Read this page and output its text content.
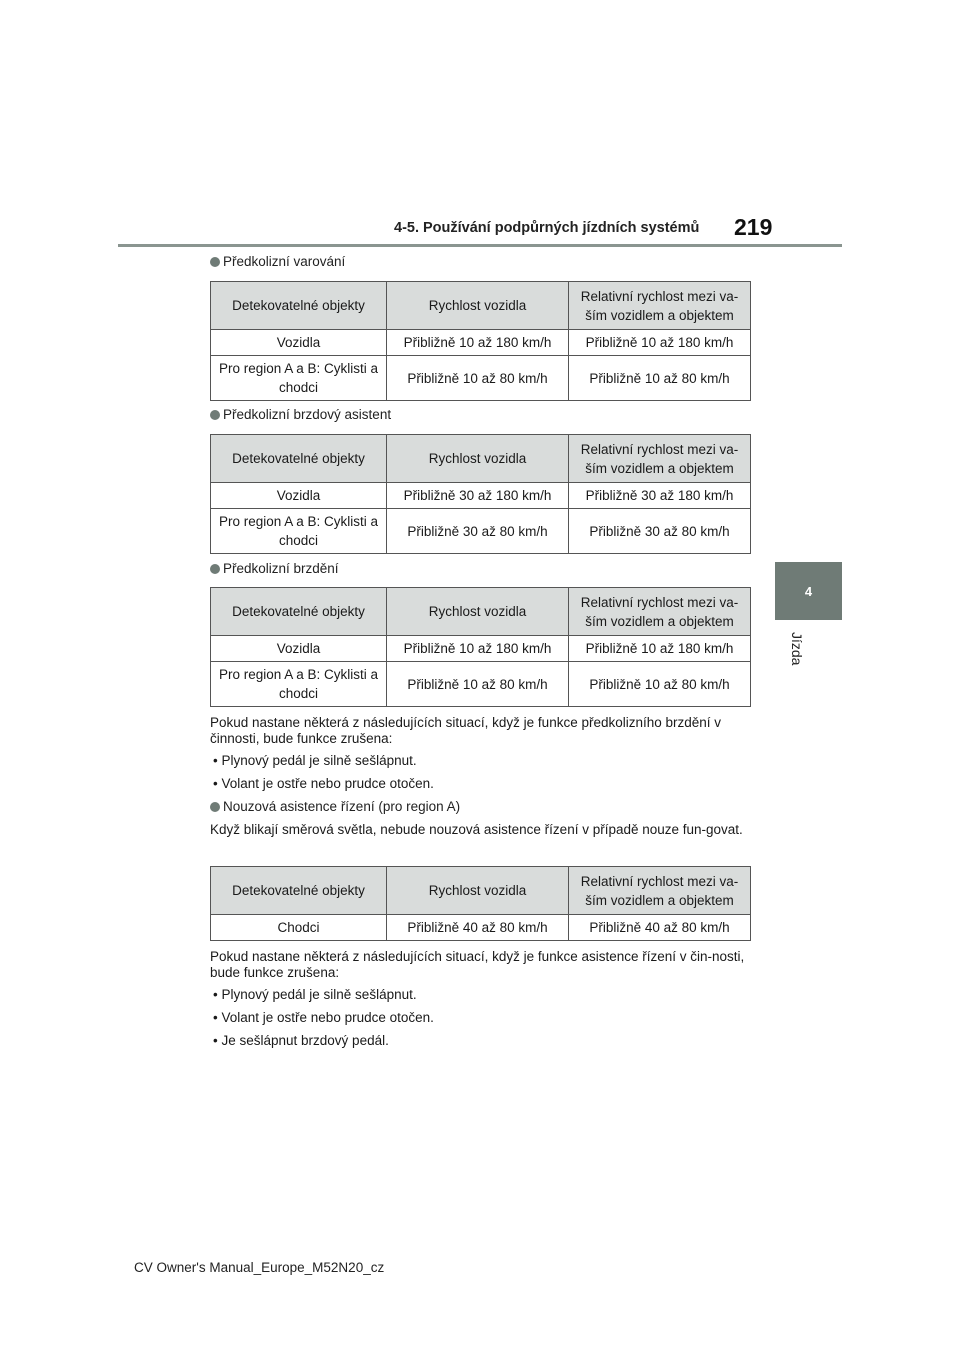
4-5. Používání podpůrných jízdních systémů 219
4
Jízda
Předkolizní varování
Detekovatelné objekty	Rychlost vozidla	Relativní rychlost mezi va-ším vozidlem a objektem
Vozidla	Přibližně 10 až 180 km/h	Přibližně 10 až 180 km/h
Pro region A a B: Cyklisti a chodci	Přibližně 10 až 80 km/h	Přibližně 10 až 80 km/h
Předkolizní brzdový asistent
Detekovatelné objekty	Rychlost vozidla	Relativní rychlost mezi va-ším vozidlem a objektem
Vozidla	Přibližně 30 až 180 km/h	Přibližně 30 až 180 km/h
Pro region A a B: Cyklisti a chodci	Přibližně 30 až 80 km/h	Přibližně 30 až 80 km/h
Předkolizní brzdění
Detekovatelné objekty	Rychlost vozidla	Relativní rychlost mezi va-ším vozidlem a objektem
Vozidla	Přibližně 10 až 180 km/h	Přibližně 10 až 180 km/h
Pro region A a B: Cyklisti a chodci	Přibližně 10 až 80 km/h	Přibližně 10 až 80 km/h
Pokud nastane některá z následujících situací, když je funkce předkolizního brzdění v činnosti, bude funkce zrušena:
• Plynový pedál je silně sešlápnut.
• Volant je ostře nebo prudce otočen.
Nouzová asistence řízení (pro region A)
Když blikají směrová světla, nebude nouzová asistence řízení v případě nouze fun-govat.
Detekovatelné objekty	Rychlost vozidla	Relativní rychlost mezi va-ším vozidlem a objektem
Chodci	Přibližně 40 až 80 km/h	Přibližně 40 až 80 km/h
Pokud nastane některá z následujících situací, když je funkce asistence řízení v čin-nosti, bude funkce zrušena:
• Plynový pedál je silně sešlápnut.
• Volant je ostře nebo prudce otočen.
• Je sešlápnut brzdový pedál.
CV Owner's Manual_Europe_M52N20_cz
